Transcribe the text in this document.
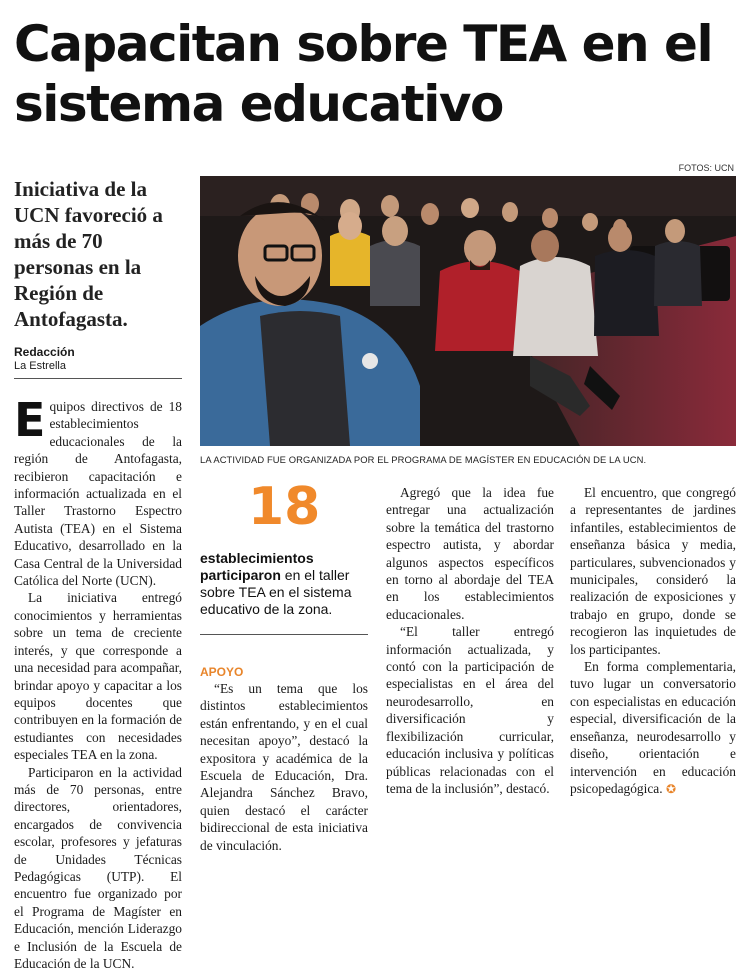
Capacitan sobre TEA en el sistema educativo
FOTOS: UCN
Iniciativa de la UCN favoreció a más de 70 personas en la Región de Antofagasta.
Redacción
La Estrella
LA ACTIVIDAD FUE ORGANIZADA POR EL PROGRAMA DE MAGÍSTER EN EDUCACIÓN DE LA UCN.

Equipos directivos de 18 establecimientos educacionales de la región de Antofagasta, recibieron capacitación e información actualizada en el Taller Trastorno Espectro Autista (TEA) en el Sistema Educativo, desarrollado en la Casa Central de la Universidad Católica del Norte (UCN).

La iniciativa entregó conocimientos y herramientas sobre un tema de creciente interés, y que corresponde a una necesidad para acompañar, brindar apoyo y capacitar a los equipos docentes que contribuyen en la formación de estudiantes con necesidades especiales TEA en la zona.

Participaron en la actividad más de 70 personas, entre directores, orientadores, encargados de convivencia escolar, profesores y jefaturas de Unidades Técnicas Pedagógicas (UTP). El encuentro fue organizado por el Programa de Magíster en Educación, mención Liderazgo e Inclusión de la Escuela de Educación de la UCN.

18
establecimientos participaron en el taller sobre TEA en el sistema educativo de la zona.
APOYO

“Es un tema que los distintos establecimientos están enfrentando, y en el cual necesitan apoyo”, destacó la expositora y académica de la Escuela de Educación, Dra. Alejandra Sánchez Bravo, quien destacó el carácter bidireccional de esta iniciativa de vinculación.

Agregó que la idea fue entregar una actualización sobre la temática del trastorno espectro autista, y abordar algunos aspectos específicos en torno al abordaje del TEA en los establecimientos educacionales.

“El taller entregó información actualizada, y contó con la participación de especialistas en el área del neurodesarrollo, en diversificación y flexibilización curricular, educación inclusiva y políticas públicas relacionadas con el tema de la inclusión”, destacó.

El encuentro, que congregó a representantes de jardines infantiles, establecimientos de enseñanza básica y media, particulares, subvencionados y municipales, consideró la realización de exposiciones y trabajo en grupo, donde se recogieron las inquietudes de los participantes.

En forma complementaria, tuvo lugar un conversatorio con especialistas en educación especial, diversificación de la enseñanza, neurodesarrollo y diseño, orientación e intervención en educación psicopedagógica. ✪
